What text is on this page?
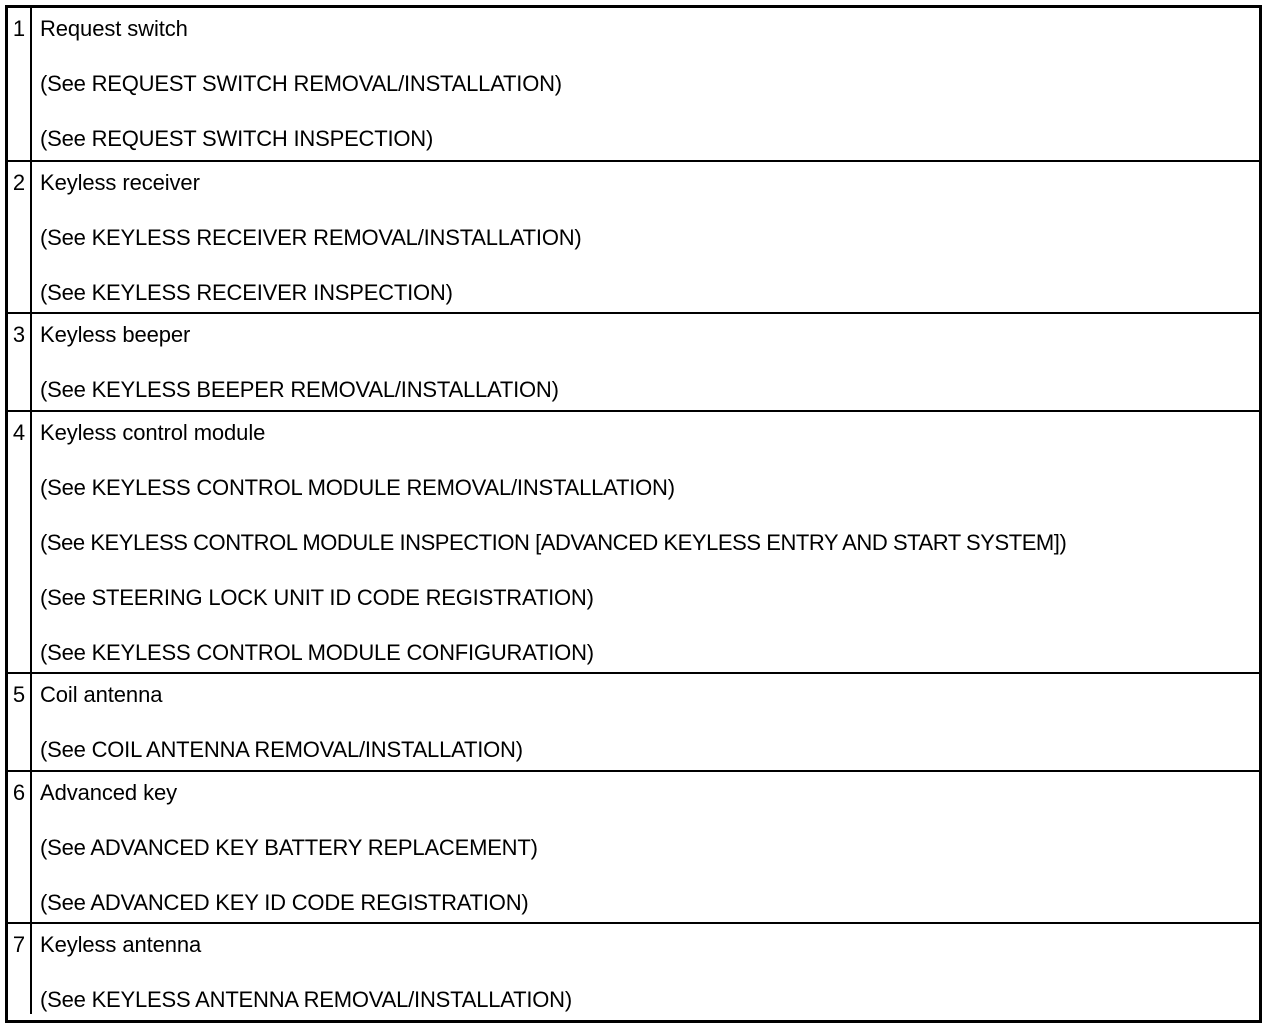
1 Request switch
(See REQUEST SWITCH REMOVAL/INSTALLATION)
(See REQUEST SWITCH INSPECTION)
2 Keyless receiver
(See KEYLESS RECEIVER REMOVAL/INSTALLATION)
(See KEYLESS RECEIVER INSPECTION)
3 Keyless beeper
(See KEYLESS BEEPER REMOVAL/INSTALLATION)
4 Keyless control module
(See KEYLESS CONTROL MODULE REMOVAL/INSTALLATION)
(See KEYLESS CONTROL MODULE INSPECTION [ADVANCED KEYLESS ENTRY AND START SYSTEM])
(See STEERING LOCK UNIT ID CODE REGISTRATION)
(See KEYLESS CONTROL MODULE CONFIGURATION)
5 Coil antenna
(See COIL ANTENNA REMOVAL/INSTALLATION)
6 Advanced key
(See ADVANCED KEY BATTERY REPLACEMENT)
(See ADVANCED KEY ID CODE REGISTRATION)
7 Keyless antenna
(See KEYLESS ANTENNA REMOVAL/INSTALLATION)
